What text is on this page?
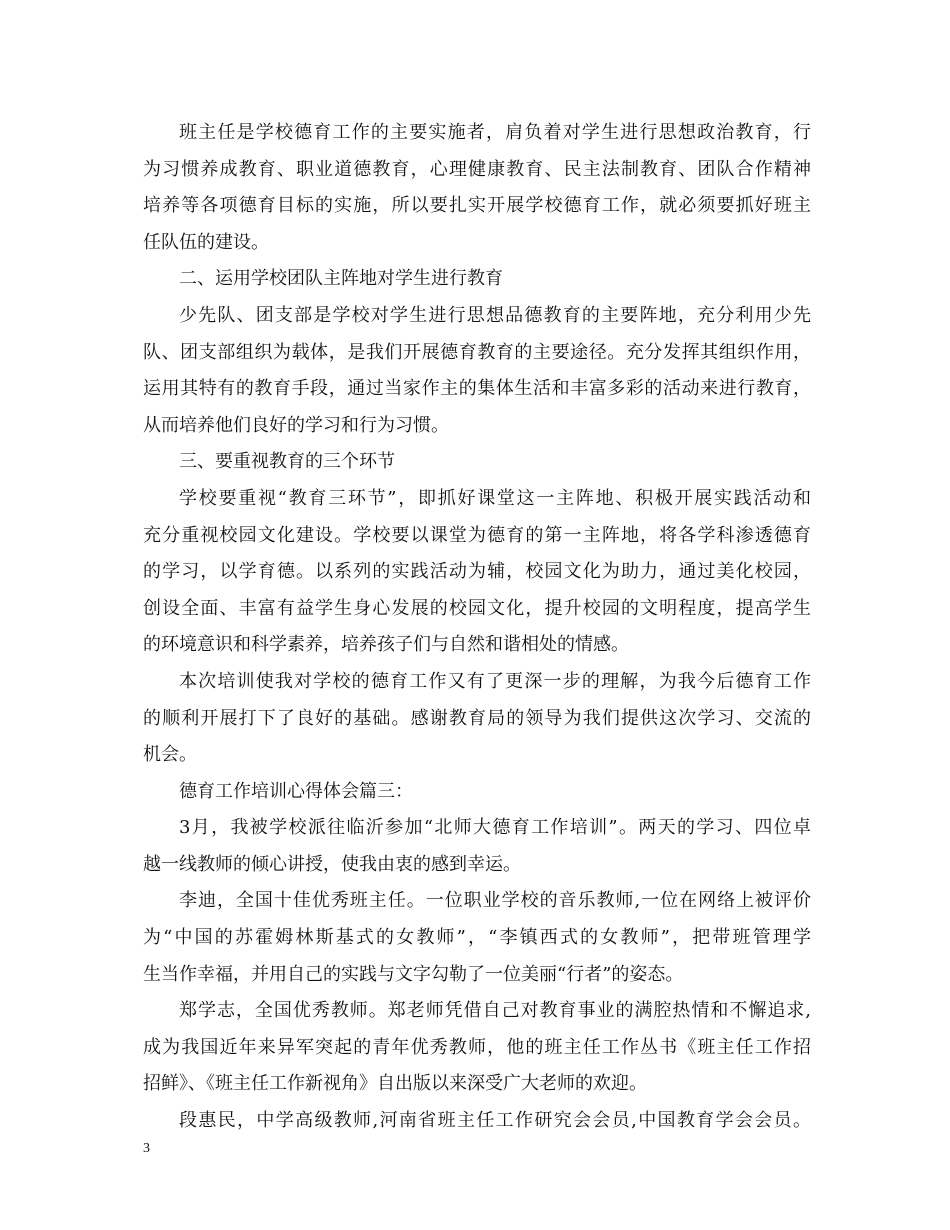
班主任是学校德育工作的主要实施者，肩负着对学生进行思想政治教育，行
为习惯养成教育、职业道德教育，心理健康教育、民主法制教育、团队合作精神
培养等各项德育目标的实施，所以要扎实开展学校德育工作，就必须要抓好班主
任队伍的建设。
二、运用学校团队主阵地对学生进行教育
少先队、团支部是学校对学生进行思想品德教育的主要阵地，充分利用少先
队、团支部组织为载体，是我们开展德育教育的主要途径。充分发挥其组织作用，
运用其特有的教育手段，通过当家作主的集体生活和丰富多彩的活动来进行教育，
从而培养他们良好的学习和行为习惯。
三、要重视教育的三个环节
学校要重视“教育三环节”，即抓好课堂这一主阵地、积极开展实践活动和
充分重视校园文化建设。学校要以课堂为德育的第一主阵地，将各学科渗透德育
的学习，以学育德。以系列的实践活动为辅，校园文化为助力，通过美化校园，
创设全面、丰富有益学生身心发展的校园文化，提升校园的文明程度，提高学生
的环境意识和科学素养，培养孩子们与自然和谐相处的情感。
本次培训使我对学校的德育工作又有了更深一步的理解，为我今后德育工作
的顺利开展打下了良好的基础。感谢教育局的领导为我们提供这次学习、交流的
机会。
德育工作培训心得体会篇三：
3月，我被学校派往临沂参加“北师大德育工作培训”。两天的学习、四位卓
越一线教师的倾心讲授，使我由衷的感到幸运。
李迪，全国十佳优秀班主任。一位职业学校的音乐教师,一位在网络上被评价
为“中国的苏霍姆林斯基式的女教师”，“李镇西式的女教师”，把带班管理学
生当作幸福，并用自己的实践与文字勾勒了一位美丽“行者”的姿态。
郑学志，全国优秀教师。郑老师凭借自己对教育事业的满腔热情和不懈追求,
成为我国近年来异军突起的青年优秀教师，他的班主任工作丛书《班主任工作招
招鲜》、《班主任工作新视角》自出版以来深受广大老师的欢迎。
段惠民，中学高级教师,河南省班主任工作研究会会员,中国教育学会会员。
3
